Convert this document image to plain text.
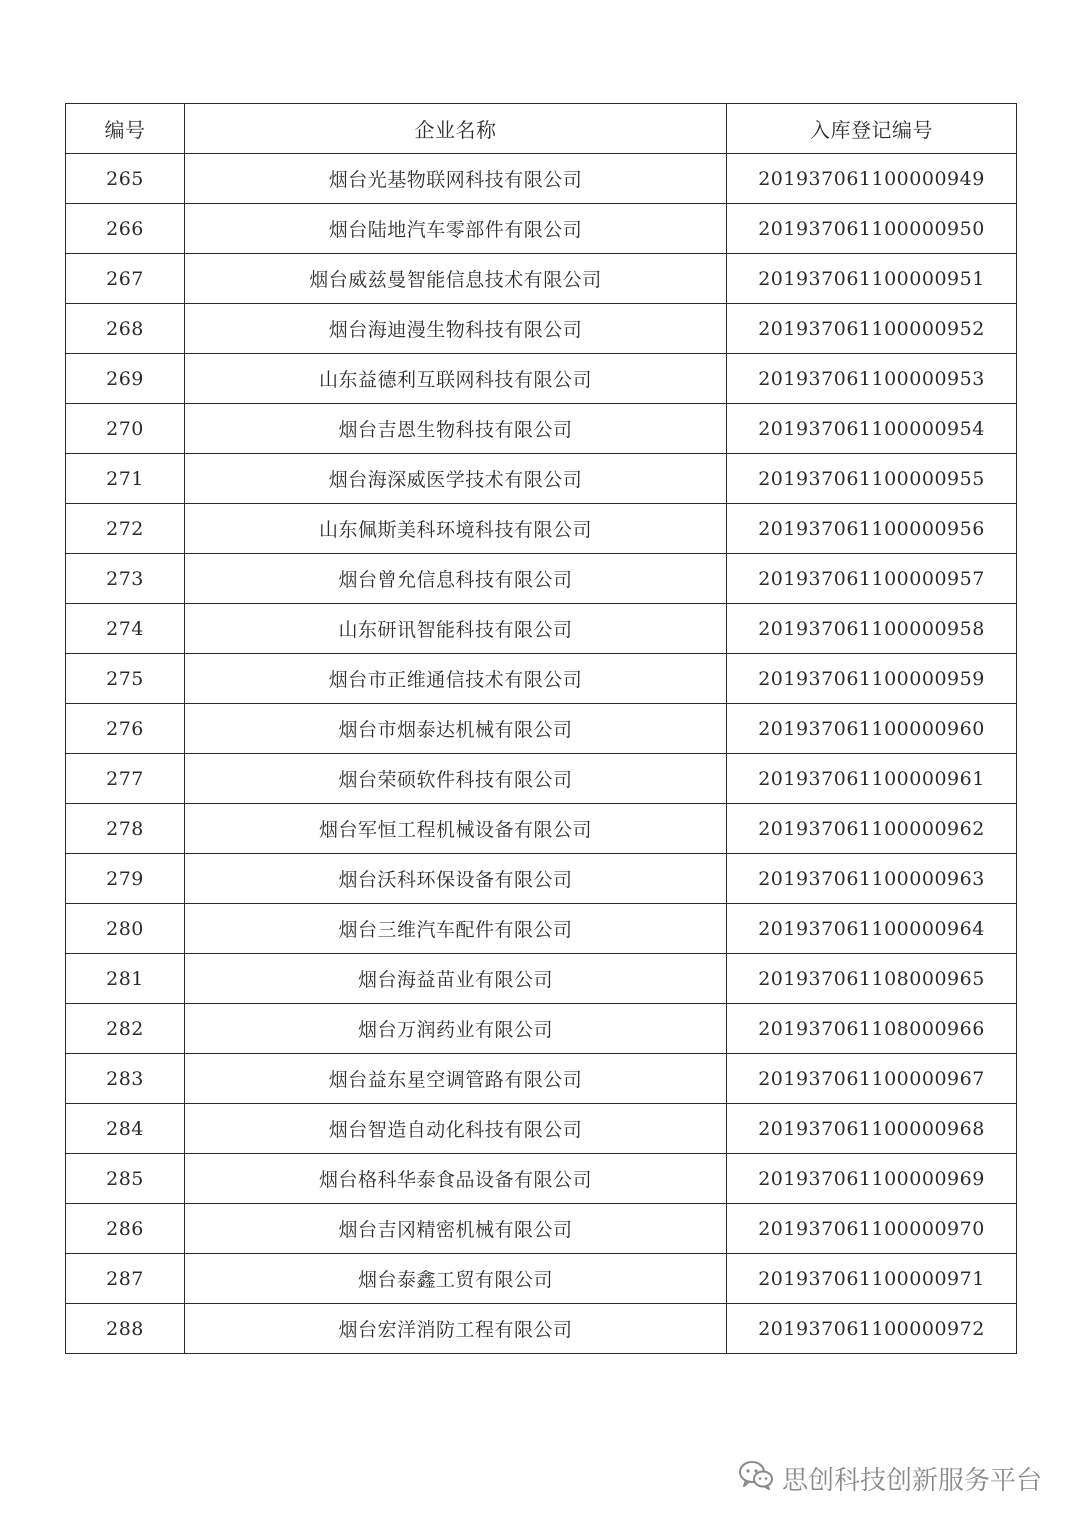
编号	企业名称	入库登记编号
265	烟台光基物联网科技有限公司	201937061100000949
266	烟台陆地汽车零部件有限公司	201937061100000950
267	烟台威兹曼智能信息技术有限公司	201937061100000951
268	烟台海迪漫生物科技有限公司	201937061100000952
269	山东益德利互联网科技有限公司	201937061100000953
270	烟台吉恩生物科技有限公司	201937061100000954
271	烟台海深威医学技术有限公司	201937061100000955
272	山东佩斯美科环境科技有限公司	201937061100000956
273	烟台曾允信息科技有限公司	201937061100000957
274	山东研讯智能科技有限公司	201937061100000958
275	烟台市正维通信技术有限公司	201937061100000959
276	烟台市烟泰达机械有限公司	201937061100000960
277	烟台荣硕软件科技有限公司	201937061100000961
278	烟台军恒工程机械设备有限公司	201937061100000962
279	烟台沃科环保设备有限公司	201937061100000963
280	烟台三维汽车配件有限公司	201937061100000964
281	烟台海益苗业有限公司	201937061108000965
282	烟台万润药业有限公司	201937061108000966
283	烟台益东星空调管路有限公司	201937061100000967
284	烟台智造自动化科技有限公司	201937061100000968
285	烟台格科华泰食品设备有限公司	201937061100000969
286	烟台吉冈精密机械有限公司	201937061100000970
287	烟台泰鑫工贸有限公司	201937061100000971
288	烟台宏洋消防工程有限公司	201937061100000972
思创科技创新服务平台
